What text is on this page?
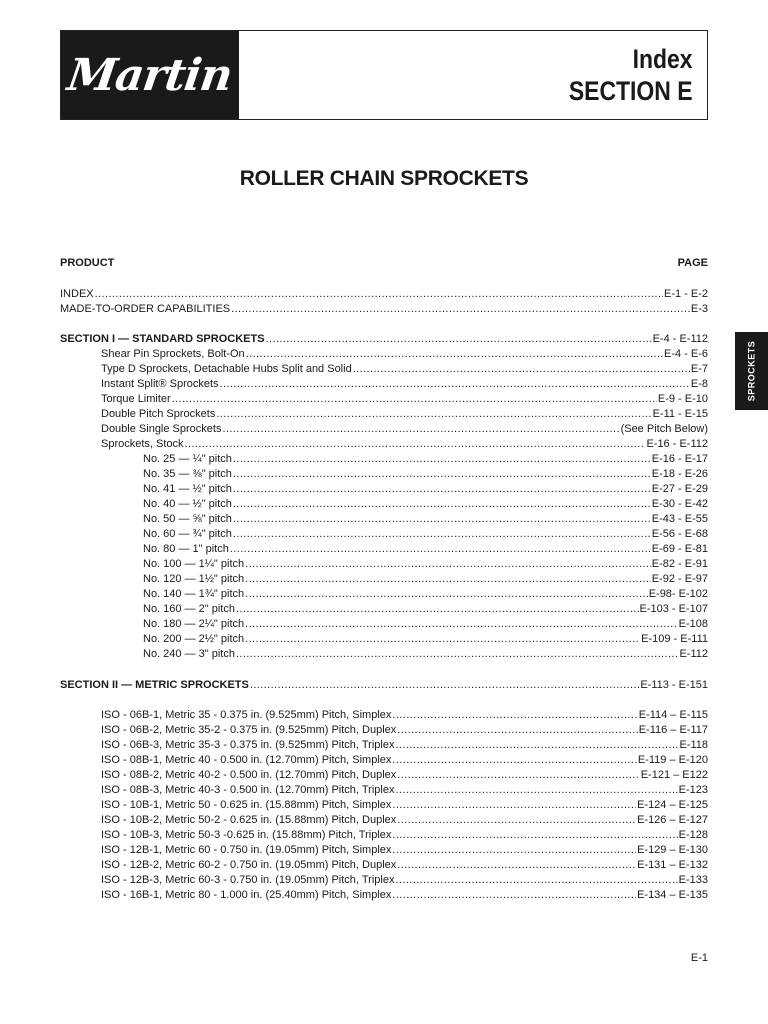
Martin	Index
SECTION E
ROLLER CHAIN SPROCKETS
SPROCKETS
PRODUCT	PAGE
INDEX .....	E-1 - E-2
MADE-TO-ORDER CAPABILITIES .....	E-3
SECTION I — STANDARD SPROCKETS .....	E-4 - E-112
Shear Pin Sprockets, Bolt-On .....	E-4 - E-6
Type D Sprockets, Detachable Hubs Split and Solid .....	E-7
Instant Split® Sprockets .....	E-8
Torque Limiter .....	E-9 - E-10
Double Pitch Sprockets .....	E-11 - E-15
Double Single Sprockets .....	(See Pitch Below)
Sprockets, Stock .....	E-16 - E-112
No. 25 — ¼" pitch .....	E-16 - E-17
No. 35 — ⅜" pitch .....	E-18 - E-26
No. 41 — ½" pitch .....	E-27 - E-29
No. 40 — ½" pitch .....	E-30 - E-42
No. 50 — ⅝" pitch .....	E-43 - E-55
No. 60 — ¾" pitch .....	E-56 - E-68
No. 80 — 1" pitch .....	E-69 - E-81
No. 100 — 1¼" pitch .....	E-82 - E-91
No. 120 — 1½" pitch .....	E-92 - E-97
No. 140 — 1¾" pitch .....	E-98- E-102
No. 160 — 2" pitch .....	E-103 - E-107
No. 180 — 2¼" pitch .....	E-108
No. 200 — 2½" pitch .....	E-109 - E-111
No. 240 — 3" pitch .....	E-112
SECTION II — METRIC SPROCKETS .....	E-113 - E-151
ISO - 06B-1, Metric 35 - 0.375 in. (9.525mm) Pitch, Simplex .....	E-114 – E-115
ISO - 06B-2, Metric 35-2 - 0.375 in. (9.525mm) Pitch, Duplex .....	E-116 – E-117
ISO - 06B-3, Metric 35-3 - 0.375 in. (9.525mm) Pitch, Triplex .....	E-118
ISO - 08B-1, Metric 40 - 0.500 in. (12.70mm) Pitch, Simplex .....	E-119 – E-120
ISO - 08B-2, Metric 40-2 - 0.500 in. (12.70mm) Pitch, Duplex .....	E-121 – E122
ISO - 08B-3, Metric 40-3 - 0.500 in. (12.70mm) Pitch, Triplex .....	E-123
ISO - 10B-1, Metric 50 - 0.625 in. (15.88mm) Pitch, Simplex .....	E-124 – E-125
ISO - 10B-2, Metric 50-2 - 0.625 in. (15.88mm) Pitch, Duplex .....	E-126 – E-127
ISO - 10B-3, Metric 50-3 -0.625 in. (15.88mm) Pitch, Triplex .....	E-128
ISO - 12B-1, Metric 60 - 0.750 in. (19.05mm) Pitch, Simplex .....	E-129 – E-130
ISO - 12B-2, Metric 60-2 - 0.750 in. (19.05mm) Pitch, Duplex .....	E-131 – E-132
ISO - 12B-3, Metric 60-3 - 0.750 in. (19.05mm) Pitch, Triplex .....	E-133
ISO - 16B-1, Metric 80 - 1.000 in. (25.40mm) Pitch, Simplex .....	E-134 – E-135
E-1
